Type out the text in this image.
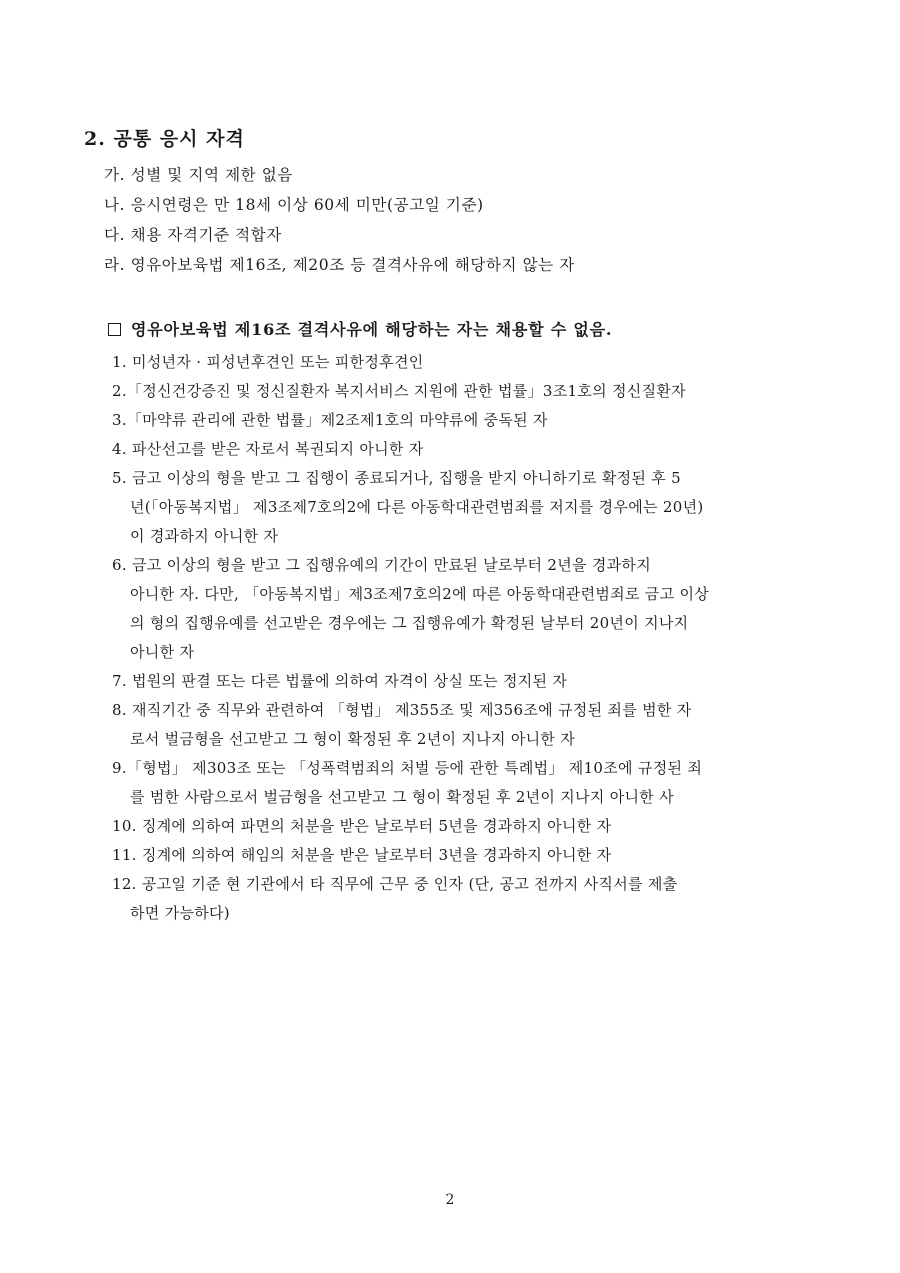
2. 공통 응시 자격
가. 성별 및 지역 제한 없음
나. 응시연령은 만 18세 이상 60세 미만(공고일 기준)
다. 채용 자격기준 적합자
라. 영유아보육법 제16조, 제20조 등 결격사유에 해당하지 않는 자
영유아보육법 제16조 결격사유에 해당하는 자는 채용할 수 없음.
1. 미성년자 · 피성년후견인 또는 피한정후견인
2.「정신건강증진 및 정신질환자 복지서비스 지원에 관한 법률」3조1호의 정신질환자
3.「마약류 관리에 관한 법률」제2조제1호의 마약류에 중독된 자
4. 파산선고를 받은 자로서 복권되지 아니한 자
5. 금고 이상의 형을 받고 그 집행이 종료되거나, 집행을 받지 아니하기로 확정된 후 5
년(「아동복지법」 제3조제7호의2에 다른 아동학대관련범죄를 저지를 경우에는 20년)
이 경과하지 아니한 자
6. 금고 이상의 형을 받고 그 집행유예의 기간이 만료된 날로부터 2년을 경과하지
아니한 자. 다만, 「아동복지법」제3조제7호의2에 따른 아동학대관련범죄로 금고 이상
의 형의 집행유예를 선고받은 경우에는 그 집행유예가 확정된 날부터 20년이 지나지
아니한 자
7. 법원의 판결 또는 다른 법률에 의하여 자격이 상실 또는 정지된 자
8. 재직기간 중 직무와 관련하여 「형법」 제355조 및 제356조에 규정된 죄를 범한 자
로서 벌금형을 선고받고 그 형이 확정된 후 2년이 지나지 아니한 자
9.「형법」 제303조 또는 「성폭력범죄의 처벌 등에 관한 특례법」 제10조에 규정된 죄
를 범한 사람으로서 벌금형을 선고받고 그 형이 확정된 후 2년이 지나지 아니한 사
10. 징계에 의하여 파면의 처분을 받은 날로부터 5년을 경과하지 아니한 자
11. 징계에 의하여 해임의 처분을 받은 날로부터 3년을 경과하지 아니한 자
12. 공고일 기준 현 기관에서 타 직무에 근무 중 인자 (단, 공고 전까지 사직서를 제출
하면 가능하다)
2
